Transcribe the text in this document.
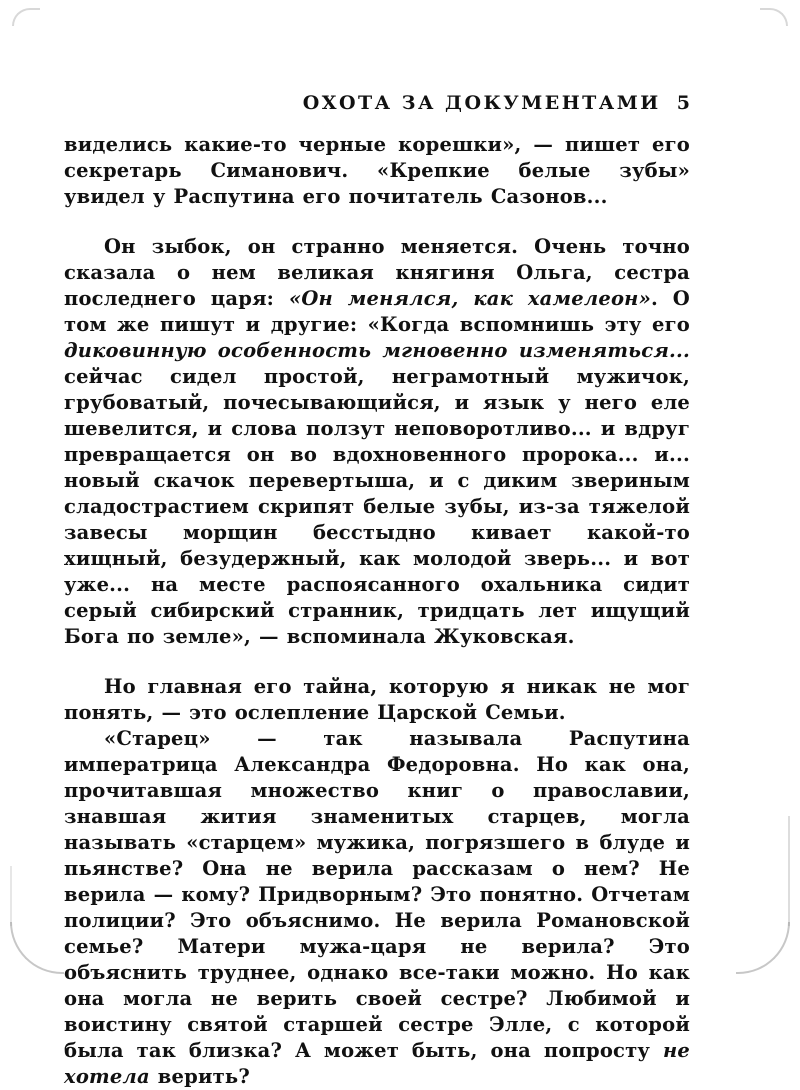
ОХОТА ЗА ДОКУМЕНТАМИ 5

виделись какие-то черные корешки», — пишет его секретарь Симанович. «Крепкие белые зубы» увидел у Распутина его почитатель Сазонов...

Он зыбок, он странно меняется. Очень точно сказала о нем великая княгиня Ольга, сестра последнего царя: «Он менялся, как хамелеон». О том же пишут и другие: «Когда вспомнишь эту его диковинную особенность мгновенно изменяться... сейчас сидел простой, неграмотный мужичок, грубоватый, почесывающийся, и язык у него еле шевелится, и слова ползут неповоротливо... и вдруг превращается он во вдохновенного пророка... и... новый скачок перевертыша, и с диким звериным сладострастием скрипят белые зубы, из-за тяжелой завесы морщин бесстыдно кивает какой-то хищный, безудержный, как молодой зверь... и вот уже... на месте распоясанного охальника сидит серый сибирский странник, тридцать лет ищущий Бога по земле», — вспоминала Жуковская.

Но главная его тайна, которую я никак не мог понять, — это ослепление Царской Семьи.

«Старец» — так называла Распутина императрица Александра Федоровна. Но как она, прочитавшая множество книг о православии, знавшая жития знаменитых старцев, могла называть «старцем» мужика, погрязшего в блуде и пьянстве? Она не верила рассказам о нем? Не верила — кому? Придворным? Это понятно. Отчетам полиции? Это объяснимо. Не верила Романовской семье? Матери мужа-царя не верила? Это объяснить труднее, однако все-таки можно. Но как она могла не верить своей сестре? Любимой и воистину святой старшей сестре Элле, с которой была так близка? А может быть, она попросту не хотела верить?
